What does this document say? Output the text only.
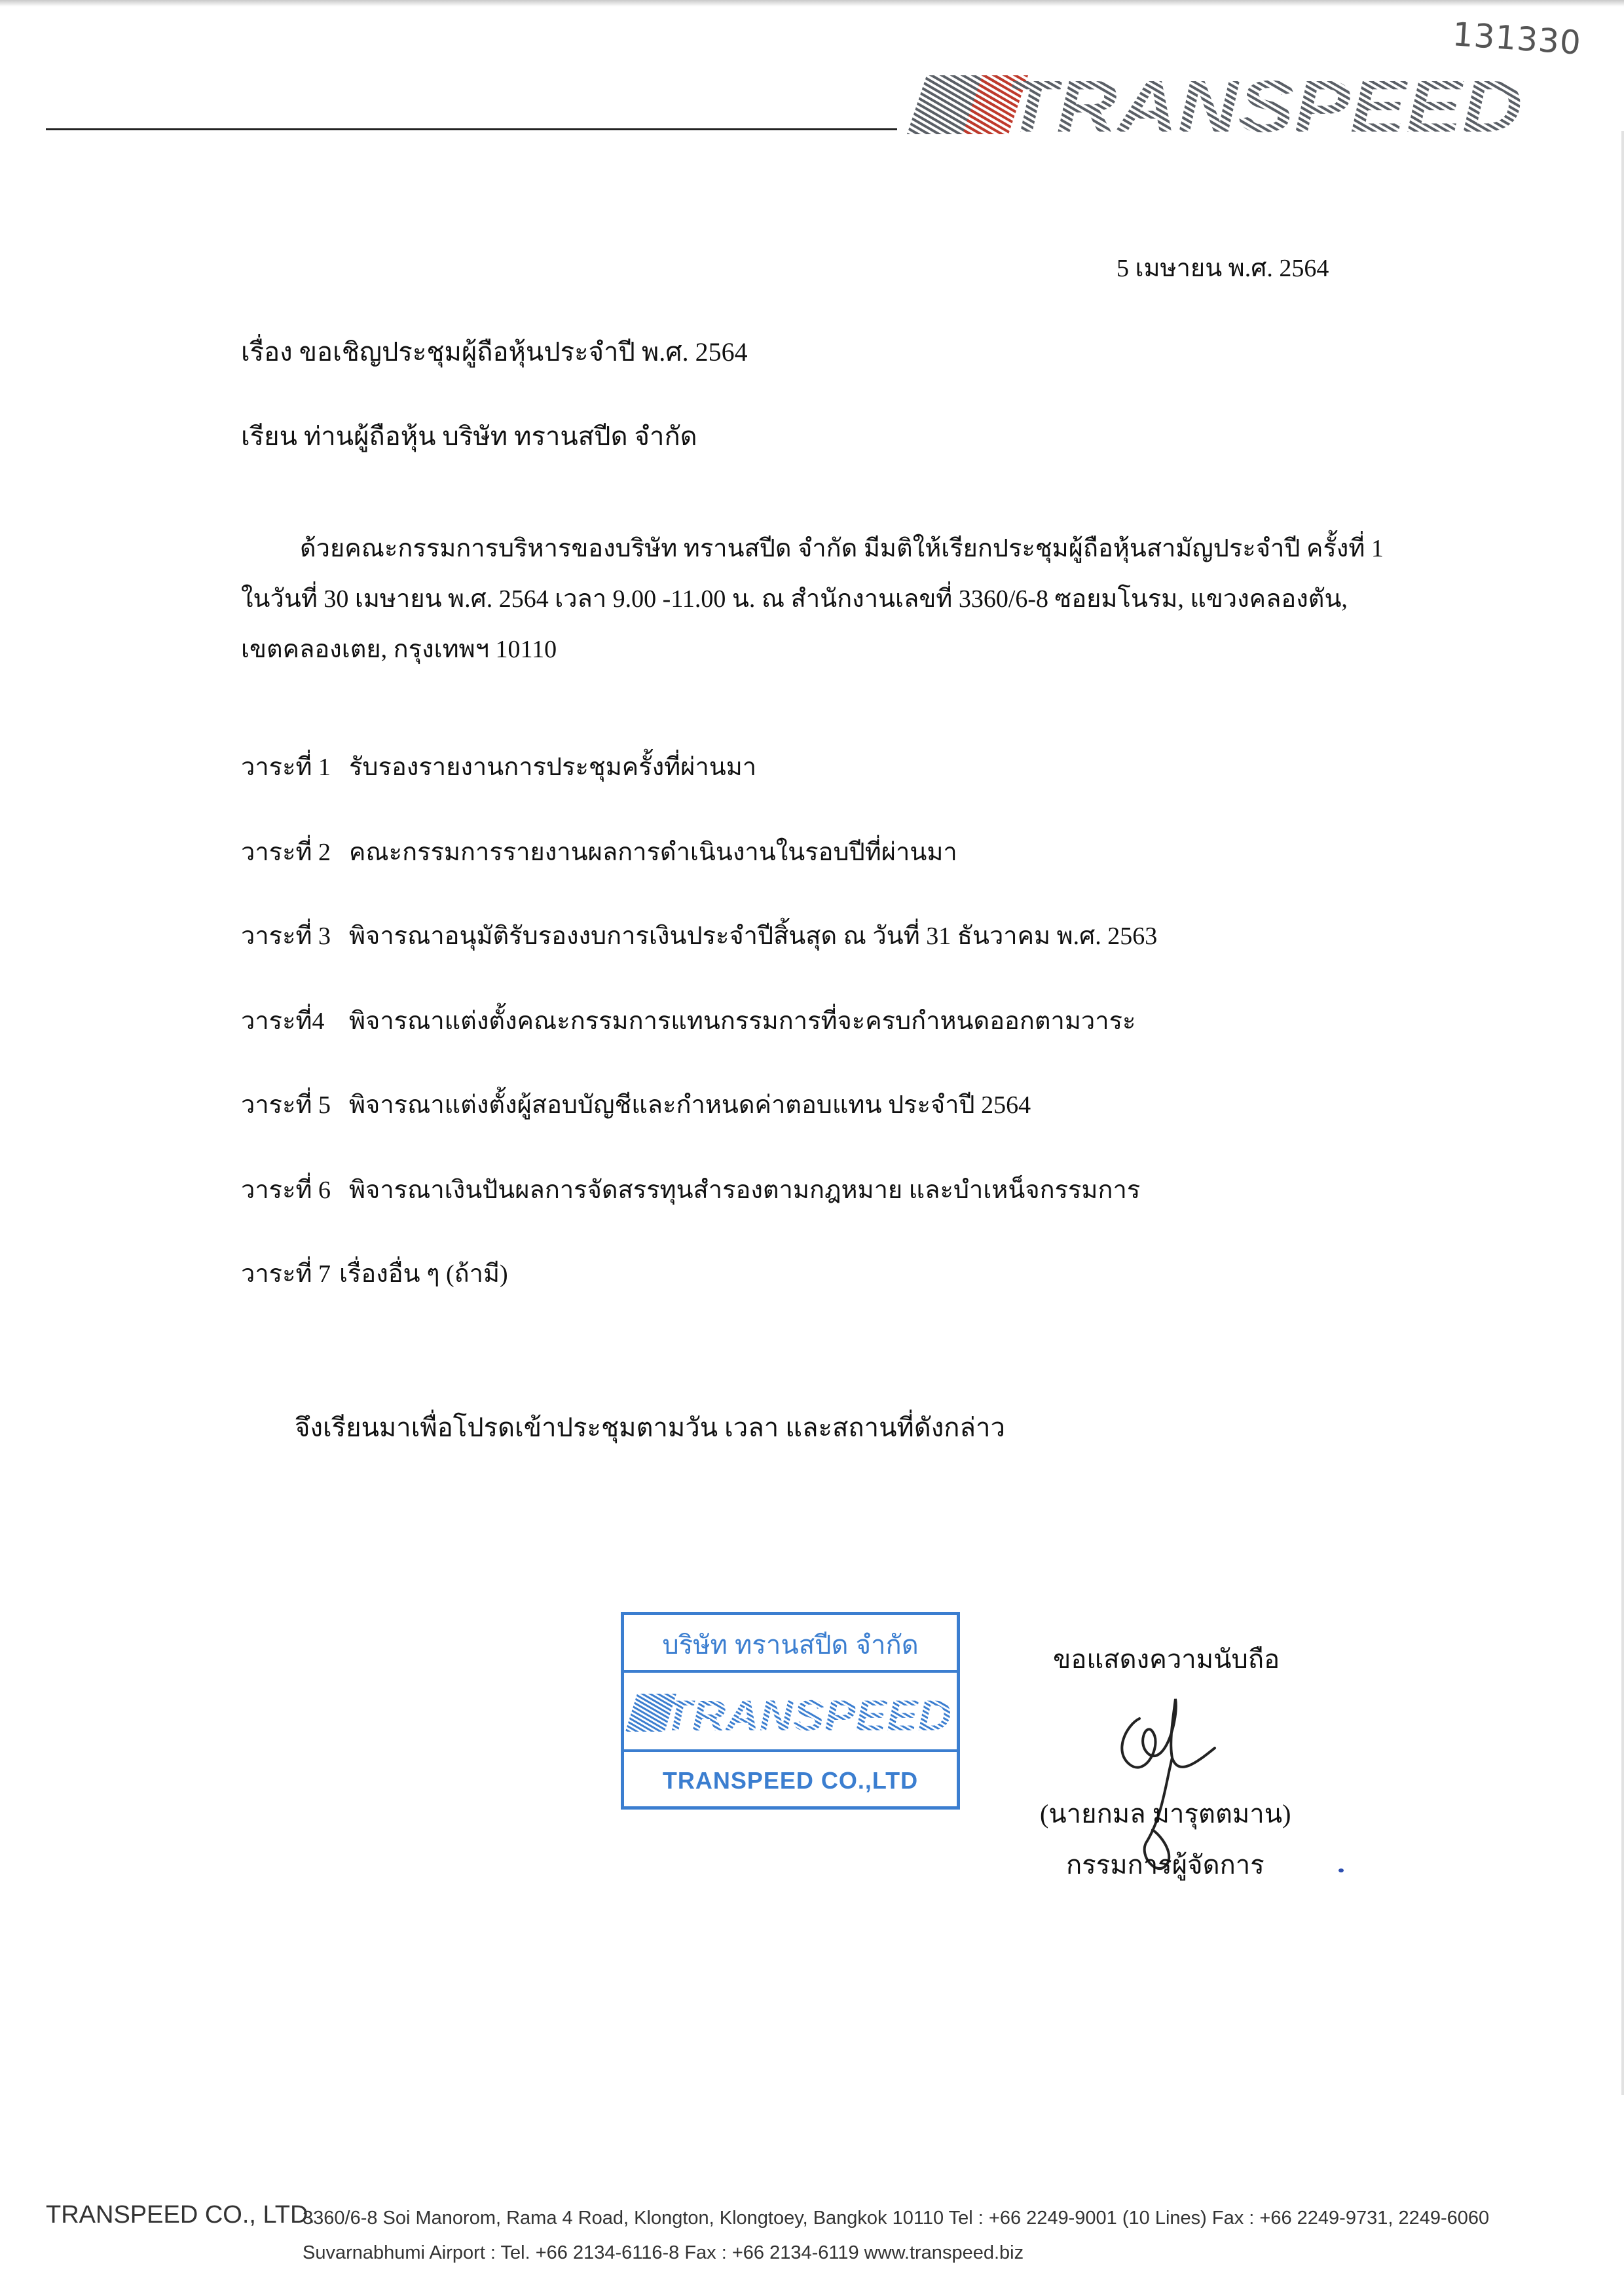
131330
TRANSPEED
5 เมษายน พ.ศ. 2564
เรื่อง ขอเชิญประชุมผู้ถือหุ้นประจำปี พ.ศ. 2564
เรียน ท่านผู้ถือหุ้น บริษัท ทรานสปีด จำกัด
ด้วยคณะกรรมการบริหารของบริษัท ทรานสปีด จำกัด มีมติให้เรียกประชุมผู้ถือหุ้นสามัญประจำปี ครั้งที่ 1
ในวันที่ 30 เมษายน พ.ศ. 2564 เวลา 9.00 -11.00 น. ณ สำนักงานเลขที่ 3360/6-8 ซอยมโนรม, แขวงคลองตัน,
เขตคลองเตย, กรุงเทพฯ 10110
วาระที่ 1 รับรองรายงานการประชุมครั้งที่ผ่านมา
วาระที่ 2 คณะกรรมการรายงานผลการดำเนินงานในรอบปีที่ผ่านมา
วาระที่ 3 พิจารณาอนุมัติรับรองงบการเงินประจำปีสิ้นสุด ณ วันที่ 31 ธันวาคม พ.ศ. 2563
วาระที่4 พิจารณาแต่งตั้งคณะกรรมการแทนกรรมการที่จะครบกำหนดออกตามวาระ
วาระที่ 5 พิจารณาแต่งตั้งผู้สอบบัญชีและกำหนดค่าตอบแทน ประจำปี 2564
วาระที่ 6 พิจารณาเงินปันผลการจัดสรรทุนสำรองตามกฎหมาย และบำเหน็จกรรมการ
วาระที่ 7 เรื่องอื่น ๆ (ถ้ามี)
จึงเรียนมาเพื่อโปรดเข้าประชุมตามวัน เวลา และสถานที่ดังกล่าว
บริษัท ทรานสปีด จำกัด
TRANSPEED
TRANSPEED CO.,LTD
ขอแสดงความนับถือ
(นายกมล มารุตตมาน)
กรรมการผู้จัดการ
TRANSPEED CO., LTD.
3360/6-8 Soi Manorom, Rama 4 Road, Klongton, Klongtoey, Bangkok 10110 Tel : +66 2249-9001 (10 Lines) Fax : +66 2249-9731, 2249-6060
Suvarnabhumi Airport : Tel. +66 2134-6116-8 Fax : +66 2134-6119 www.transpeed.biz
